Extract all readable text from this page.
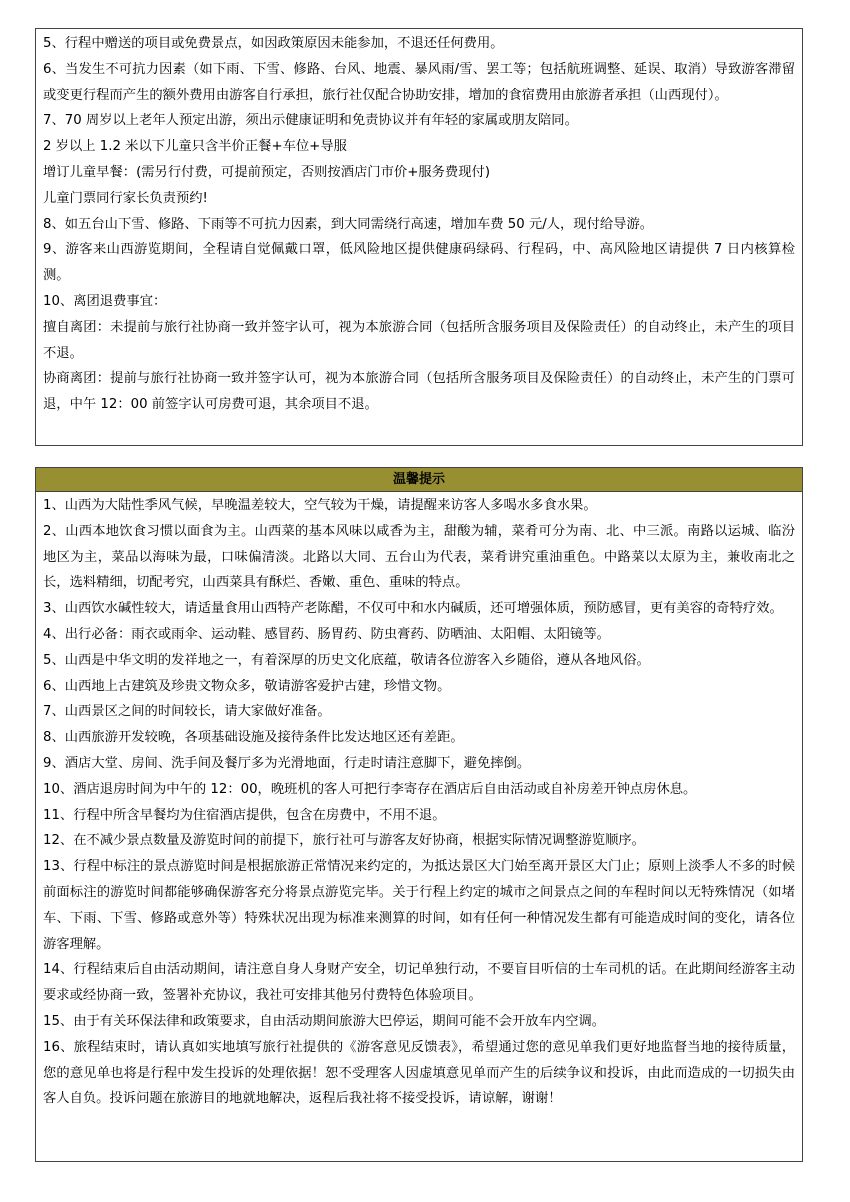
5、行程中赠送的项目或免费景点，如因政策原因未能参加，不退还任何费用。

6、当发生不可抗力因素（如下雨、下雪、修路、台风、地震、暴风雨/雪、罢工等；包括航班调整、延误、取消）导致游客滞留或变更行程而产生的额外费用由游客自行承担，旅行社仅配合协助安排，增加的食宿费用由旅游者承担（山西现付）。

7、70 周岁以上老年人预定出游，须出示健康证明和免责协议并有年轻的家属或朋友陪同。

2 岁以上 1.2 米以下儿童只含半价正餐+车位+导服

增订儿童早餐：(需另行付费，可提前预定，否则按酒店门市价+服务费现付)

儿童门票同行家长负责预约!

8、如五台山下雪、修路、下雨等不可抗力因素，到大同需绕行高速，增加车费 50 元/人，现付给导游。

9、游客来山西游览期间，全程请自觉佩戴口罩，低风险地区提供健康码绿码、行程码，中、高风险地区请提供 7 日内核算检测。

10、离团退费事宜：

擅自离团：未提前与旅行社协商一致并签字认可，视为本旅游合同（包括所含服务项目及保险责任）的自动终止，未产生的项目不退。

协商离团：提前与旅行社协商一致并签字认可，视为本旅游合同（包括所含服务项目及保险责任）的自动终止，未产生的门票可退，中午 12：00 前签字认可房费可退，其余项目不退。

温馨提示

1、山西为大陆性季风气候，早晚温差较大，空气较为干燥，请提醒来访客人多喝水多食水果。

2、山西本地饮食习惯以面食为主。山西菜的基本风味以咸香为主，甜酸为辅，菜肴可分为南、北、中三派。南路以运城、临汾地区为主，菜品以海味为最，口味偏清淡。北路以大同、五台山为代表，菜肴讲究重油重色。中路菜以太原为主，兼收南北之长，选料精细，切配考究，山西菜具有酥烂、香嫩、重色、重味的特点。

3、山西饮水碱性较大，请适量食用山西特产老陈醋，不仅可中和水内碱质，还可增强体质，预防感冒，更有美容的奇特疗效。

4、出行必备：雨衣或雨伞、运动鞋、感冒药、肠胃药、防虫膏药、防晒油、太阳帽、太阳镜等。

5、山西是中华文明的发祥地之一，有着深厚的历史文化底蕴，敬请各位游客入乡随俗，遵从各地风俗。

6、山西地上古建筑及珍贵文物众多，敬请游客爱护古建，珍惜文物。

7、山西景区之间的时间较长，请大家做好准备。

8、山西旅游开发较晚，各项基础设施及接待条件比发达地区还有差距。

9、酒店大堂、房间、洗手间及餐厅多为光滑地面，行走时请注意脚下，避免摔倒。

10、酒店退房时间为中午的 12：00，晚班机的客人可把行李寄存在酒店后自由活动或自补房差开钟点房休息。

11、行程中所含早餐均为住宿酒店提供，包含在房费中，不用不退。

12、在不减少景点数量及游览时间的前提下，旅行社可与游客友好协商，根据实际情况调整游览顺序。

13、行程中标注的景点游览时间是根据旅游正常情况来约定的，为抵达景区大门始至离开景区大门止；原则上淡季人不多的时候前面标注的游览时间都能够确保游客充分将景点游览完毕。关于行程上约定的城市之间景点之间的车程时间以无特殊情况（如堵车、下雨、下雪、修路或意外等）特殊状况出现为标准来测算的时间，如有任何一种情况发生都有可能造成时间的变化，请各位游客理解。

14、行程结束后自由活动期间，请注意自身人身财产安全，切记单独行动，不要盲目听信的士车司机的话。在此期间经游客主动要求或经协商一致，签署补充协议，我社可安排其他另付费特色体验项目。

15、由于有关环保法律和政策要求，自由活动期间旅游大巴停运，期间可能不会开放车内空调。

16、旅程结束时，请认真如实地填写旅行社提供的《游客意见反馈表》，希望通过您的意见单我们更好地监督当地的接待质量，您的意见单也将是行程中发生投诉的处理依据！恕不受理客人因虚填意见单而产生的后续争议和投诉，由此而造成的一切损失由客人自负。投诉问题在旅游目的地就地解决，返程后我社将不接受投诉，请谅解，谢谢！
